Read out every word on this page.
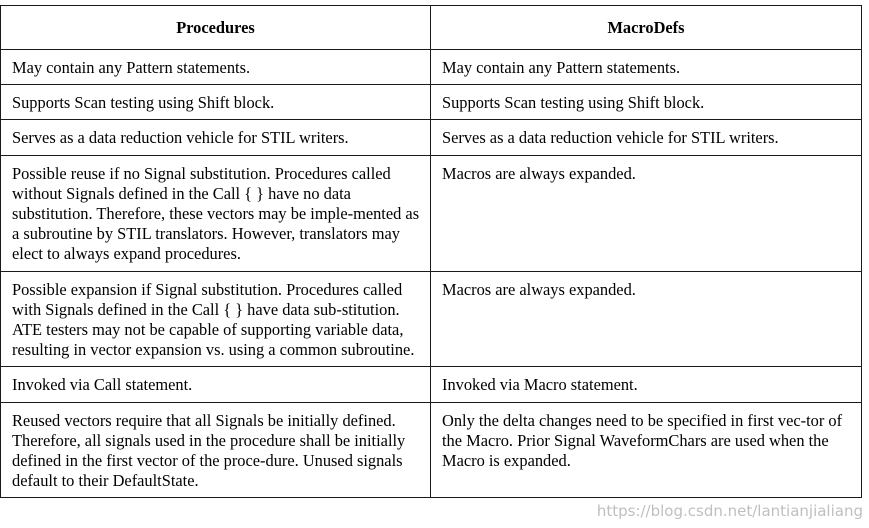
Procedures	MacroDefs
May contain any Pattern statements.	May contain any Pattern statements.
Supports Scan testing using Shift block.	Supports Scan testing using Shift block.
Serves as a data reduction vehicle for STIL writers.	Serves as a data reduction vehicle for STIL writers.
Possible reuse if no Signal substitution. Procedures called without Signals defined in the Call { } have no data substitution. Therefore, these vectors may be imple-mented as a subroutine by STIL translators. However, translators may elect to always expand procedures.	Macros are always expanded.
Possible expansion if Signal substitution. Procedures called with Signals defined in the Call { } have data sub-stitution. ATE testers may not be capable of supporting variable data, resulting in vector expansion vs. using a common subroutine.	Macros are always expanded.
Invoked via Call statement.	Invoked via Macro statement.
Reused vectors require that all Signals be initially defined. Therefore, all signals used in the procedure shall be initially defined in the first vector of the proce-dure. Unused signals default to their DefaultState.	Only the delta changes need to be specified in first vec-tor of the Macro. Prior Signal WaveformChars are used when the Macro is expanded.
https://blog.csdn.net/lantianjialiang
